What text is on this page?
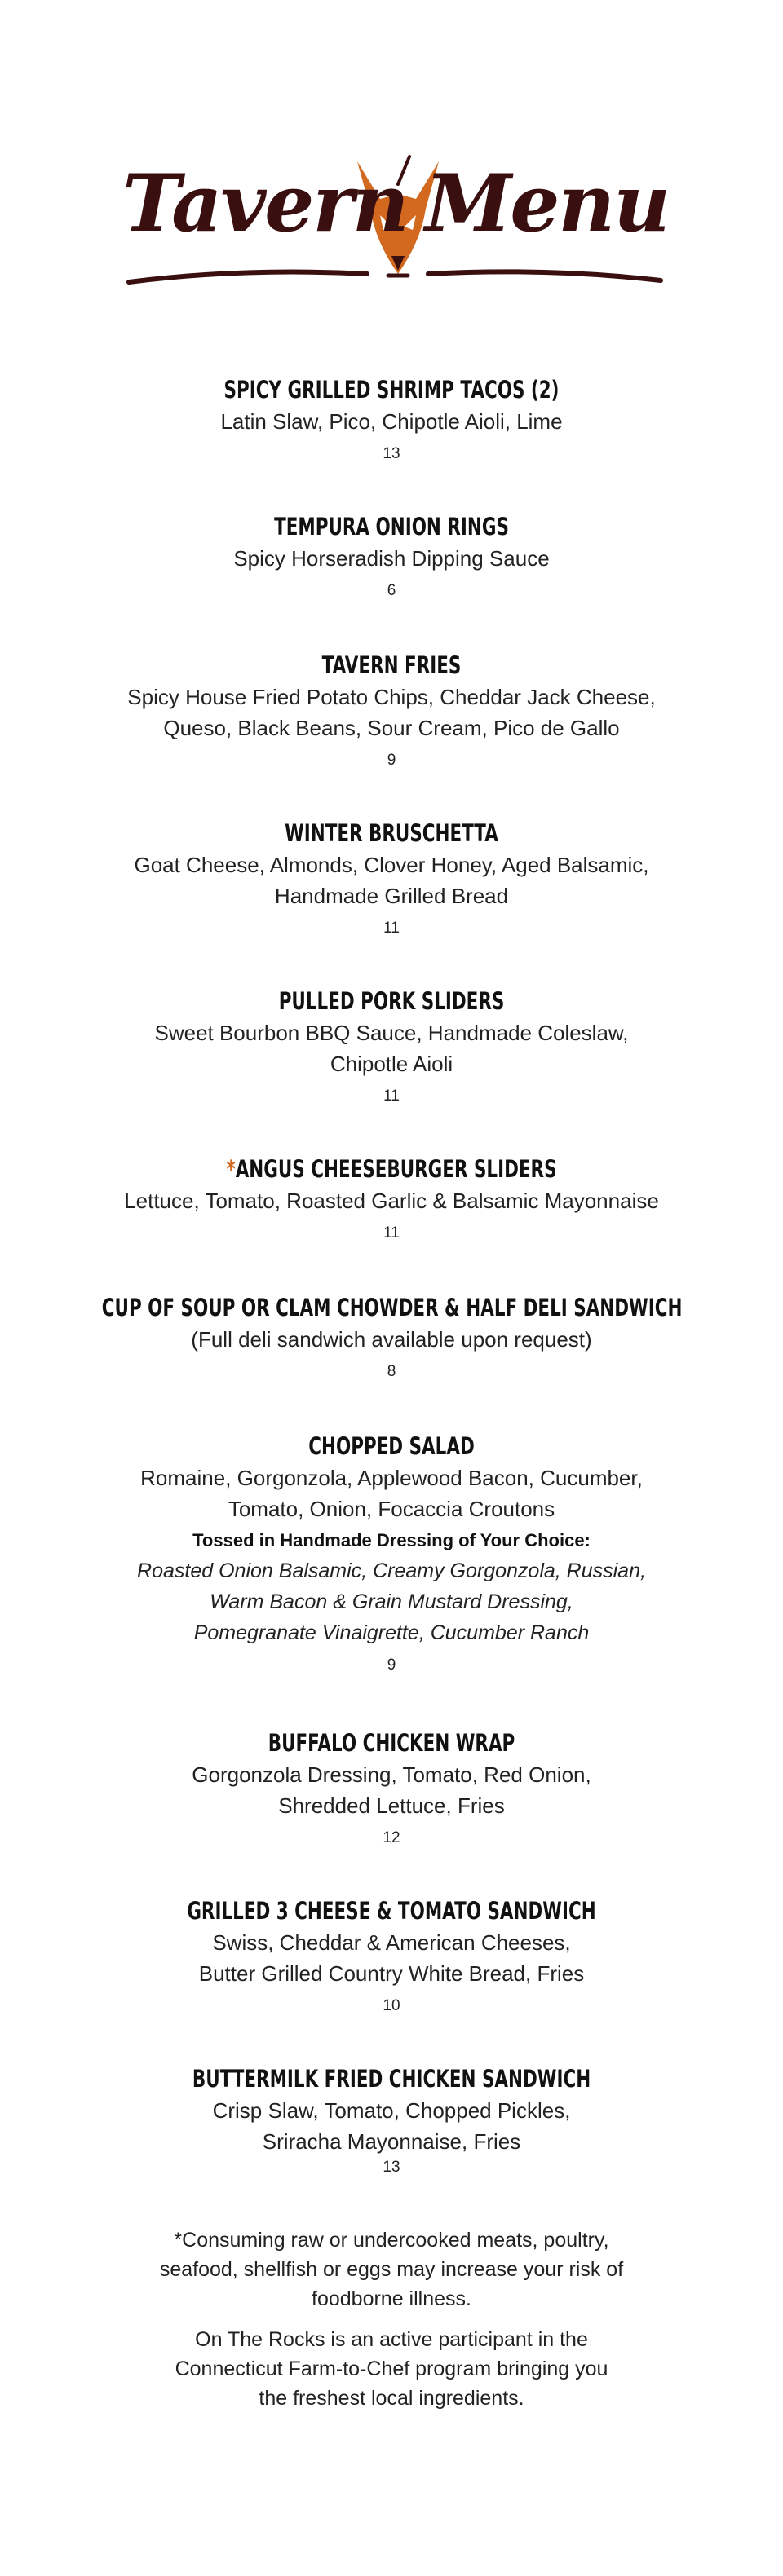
Tavern Menu
SPICY GRILLED SHRIMP TACOS (2)
Latin Slaw, Pico, Chipotle Aioli, Lime
13
TEMPURA ONION RINGS
Spicy Horseradish Dipping Sauce
6
TAVERN FRIES
Spicy House Fried Potato Chips, Cheddar Jack Cheese,
Queso, Black Beans, Sour Cream, Pico de Gallo
9
WINTER BRUSCHETTA
Goat Cheese, Almonds, Clover Honey, Aged Balsamic,
Handmade Grilled Bread
11
PULLED PORK SLIDERS
Sweet Bourbon BBQ Sauce, Handmade Coleslaw,
Chipotle Aioli
11
*ANGUS CHEESEBURGER SLIDERS
Lettuce, Tomato, Roasted Garlic & Balsamic Mayonnaise
11
CUP OF SOUP OR CLAM CHOWDER & HALF DELI SANDWICH
(Full deli sandwich available upon request)
8
CHOPPED SALAD
Romaine, Gorgonzola, Applewood Bacon, Cucumber,
Tomato, Onion, Focaccia Croutons
Tossed in Handmade Dressing of Your Choice:
Roasted Onion Balsamic, Creamy Gorgonzola, Russian,
Warm Bacon & Grain Mustard Dressing,
Pomegranate Vinaigrette, Cucumber Ranch
9
BUFFALO CHICKEN WRAP
Gorgonzola Dressing, Tomato, Red Onion,
Shredded Lettuce, Fries
12
GRILLED 3 CHEESE & TOMATO SANDWICH
Swiss, Cheddar & American Cheeses,
Butter Grilled Country White Bread, Fries
10
BUTTERMILK FRIED CHICKEN SANDWICH
Crisp Slaw, Tomato, Chopped Pickles,
Sriracha Mayonnaise, Fries
13
*Consuming raw or undercooked meats, poultry,
seafood, shellfish or eggs may increase your risk of
foodborne illness.
On The Rocks is an active participant in the
Connecticut Farm-to-Chef program bringing you
the freshest local ingredients.
